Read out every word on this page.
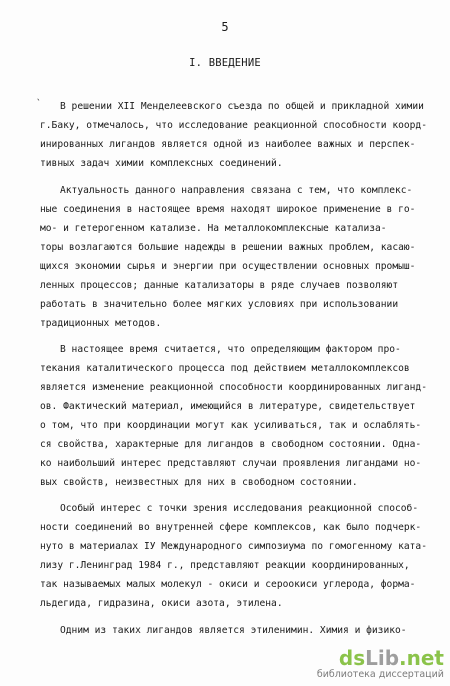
5
I. ВВЕДЕНИЕ
` В решении XII Менделеевского съезда по общей и прикладной химии
г.Баку, отмечалось, что исследование реакционной способности коорд-
инированных лигандов является одной из наиболее важных и перспек-
тивных задач химии комплексных соединений.
Актуальность данного направления связана с тем, что комплекс-
ные соединения в настоящее время находят широкое применение в го-
мо- и гетерогенном катализе. На металлокомплексные катализа-
торы возлагаются большие надежды в решении важных проблем, касаю-
щихся экономии сырья и энергии при осуществлении основных промыш-
ленных процессов; данные катализаторы в ряде случаев позволяют
работать в значительно более мягких условиях при использовании
традиционных методов.
В настоящее время считается, что определяющим фактором про-
текания каталитического процесса под действием металлокомплексов
является изменение реакционной способности координированных лиганд-
ов. Фактический материал, имеющийся в литературе, свидетельствует
о том, что при координации могут как усиливаться, так и ослаблять-
ся свойства, характерные для лигандов в свободном состоянии. Одна-
ко наибольший интерес представляют случаи проявления лигандами но-
вых свойств, неизвестных для них в свободном состоянии.
Особый интерес с точки зрения исследования реакционной способ-
ности соединений во внутренней сфере комплексов, как было подчерк-
нуто в материалах IУ Международного симпозиума по гомогенному ката-
лизу г.Ленинград 1984 г., представляют реакции координированных,
так называемых малых молекул - окиси и сероокиси углерода, форма-
льдегида, гидразина, окиси азота, этилена.
Одним из таких лигандов является этиленимин. Химия и физико-
dsLib.net
библиотека диссертаций
